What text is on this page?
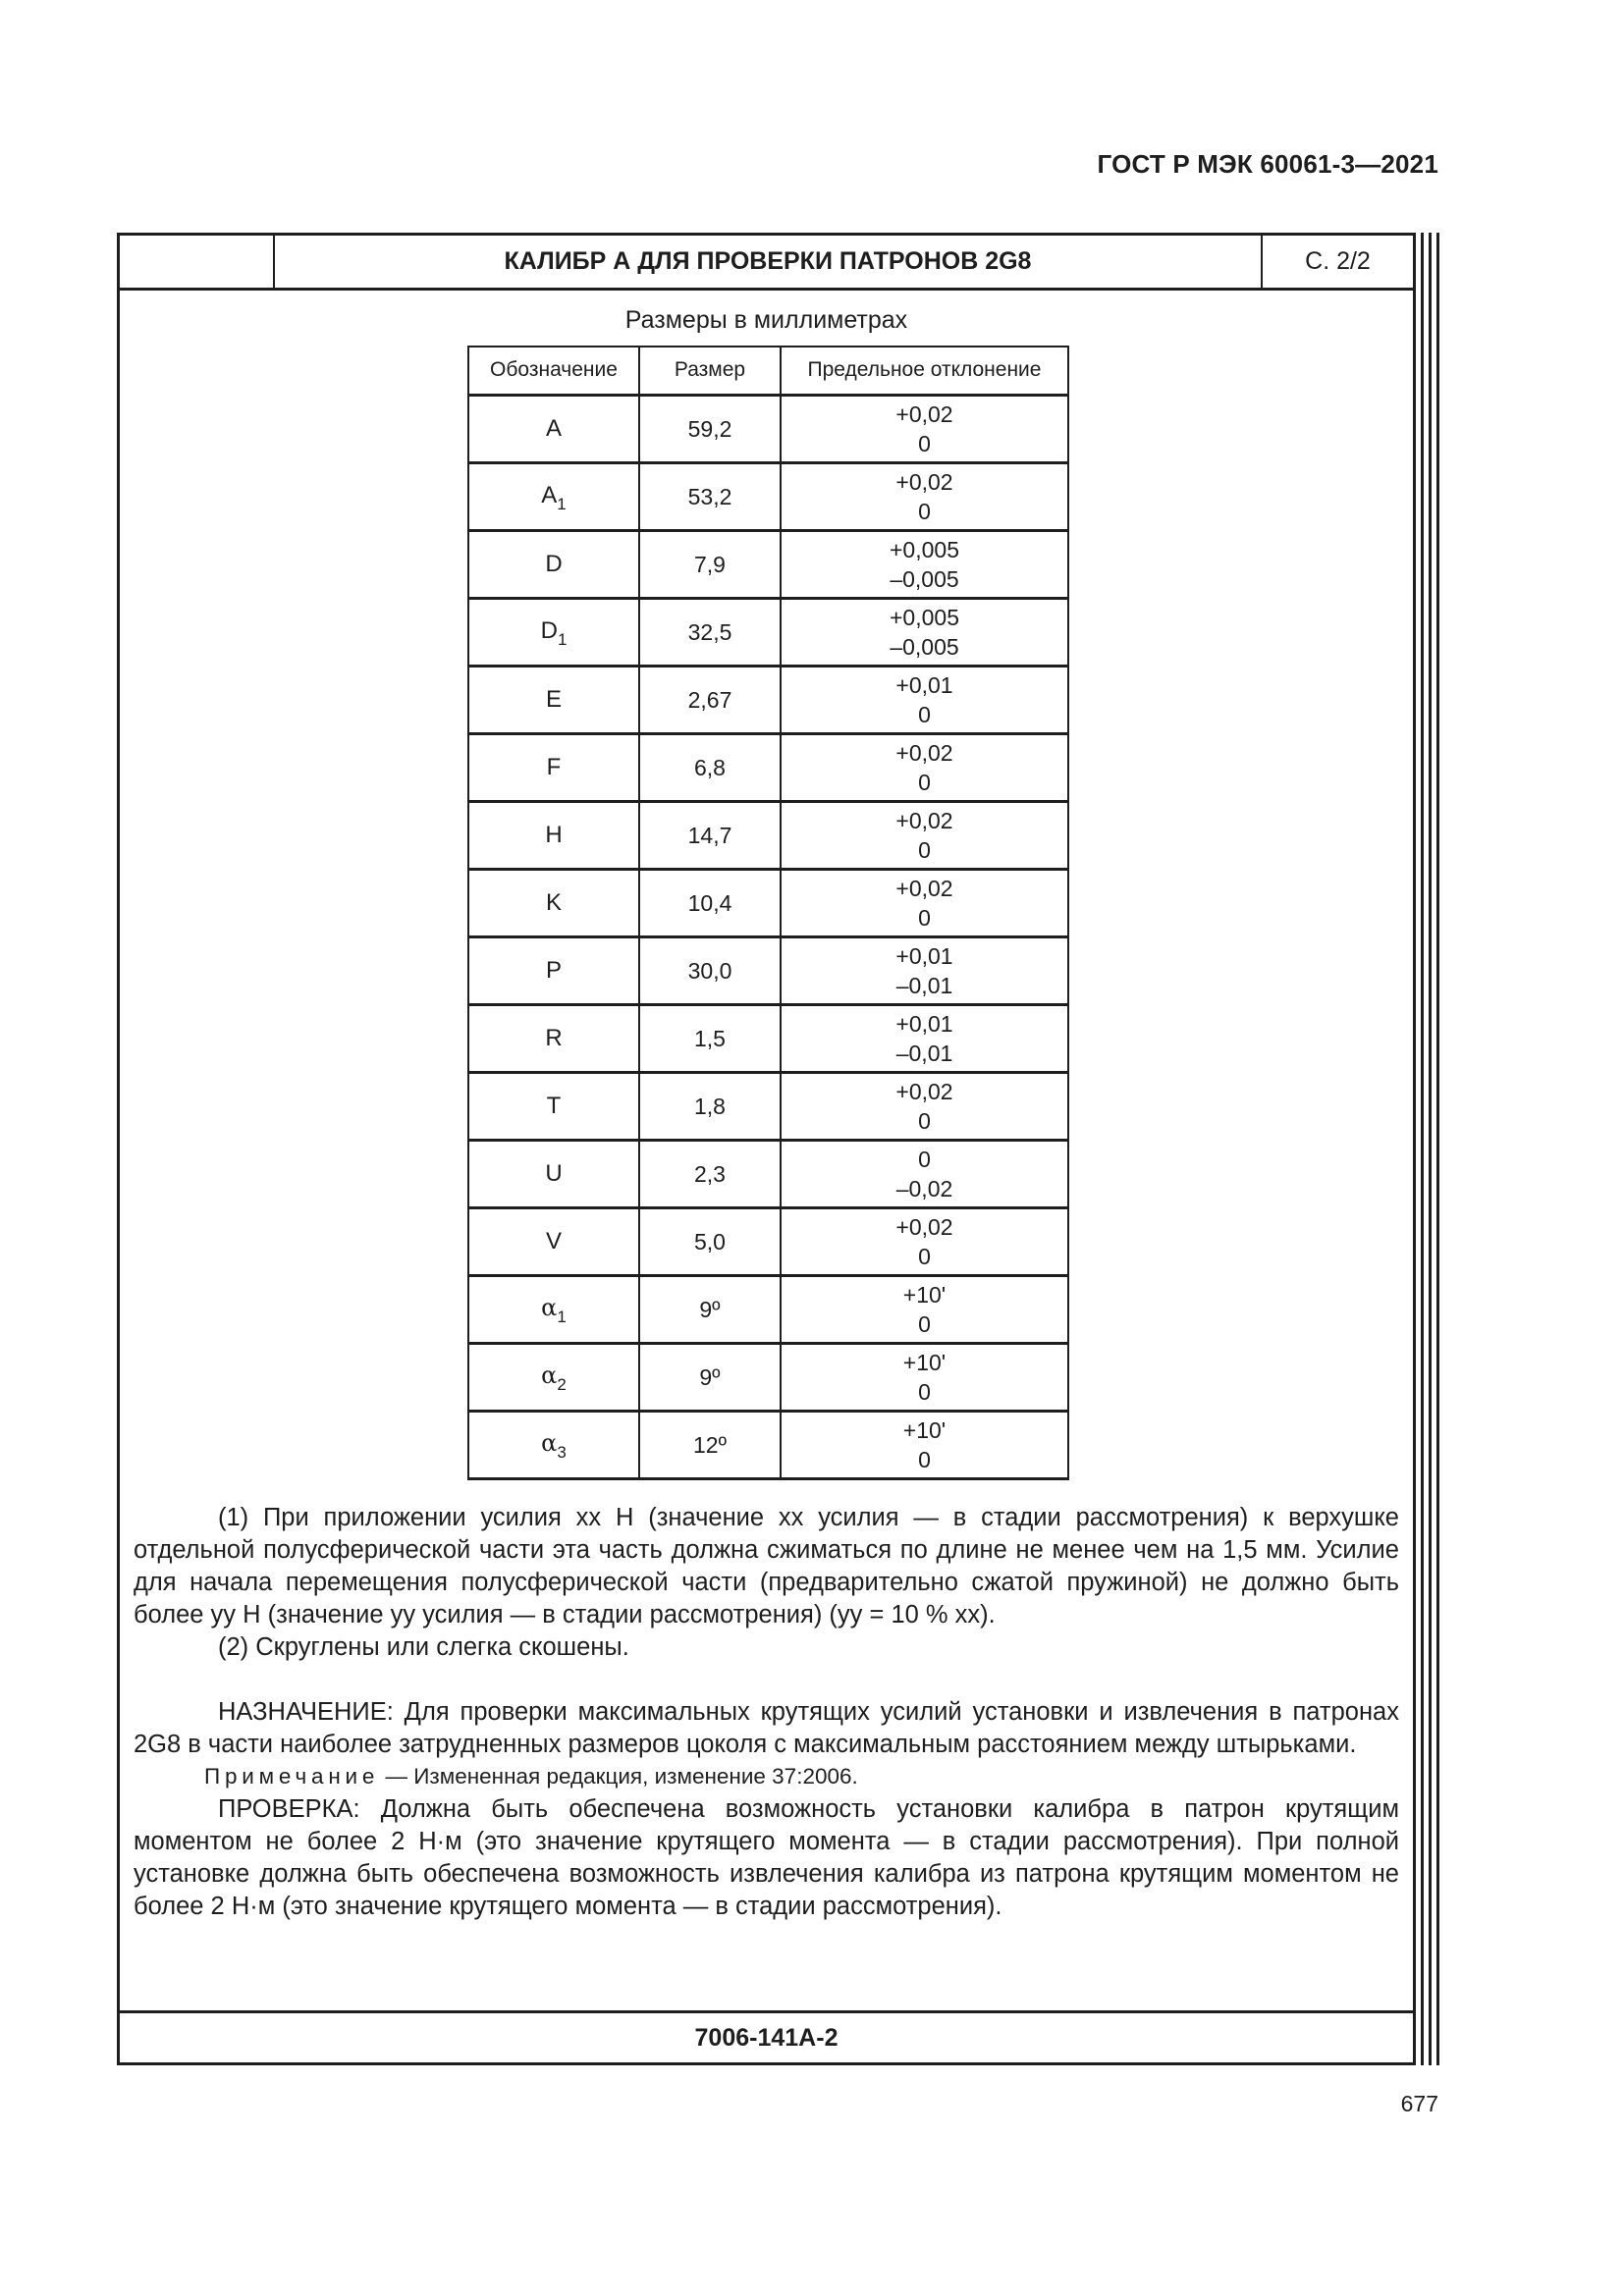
ГОСТ Р МЭК 60061-3—2021
КАЛИБР А ДЛЯ ПРОВЕРКИ ПАТРОНОВ 2G8	С. 2/2
Размеры в миллиметрах
Обозначение	Размер	Предельное отклонение
A	59,2	+0,02
0

$A_1$	53,2	+0,02
0

D	7,9	+0,005
–0,005

$D_1$	32,5	+0,005
–0,005

E	2,67	+0,01
0

F	6,8	+0,02
0

H	14,7	+0,02
0

K	10,4	+0,02
0

P	30,0	+0,01
–0,01

R	1,5	+0,01
–0,01

T	1,8	+0,02
0

U	2,3	0
–0,02

V	5,0	+0,02
0

$\alpha_1$	9º	+10'
0

$\alpha_2$	9º	+10'
0

$\alpha_3$	12º	+10'
0

(1) При приложении усилия хх Н (значение хх усилия — в стадии рассмотрения) к верхушке отдельной полусферической части эта часть должна сжиматься по длине не менее чем на 1,5 мм. Усилие для начала перемещения полусферической части (предварительно сжатой пружиной) не должно быть более уу Н (значение уу усилия — в стадии рассмотрения) (уу = 10 % хх).

(2) Скруглены или слегка скошены.

НАЗНАЧЕНИЕ: Для проверки максимальных крутящих усилий установки и извлечения в патронах 2G8 в части наиболее затрудненных размеров цоколя с максимальным расстоянием между штырьками.

ПРОВЕРКА: Должна быть обеспечена возможность установки калибра в патрон крутящим моментом не более 2 Н·м (это значение крутящего момента — в стадии рассмотрения). При полной установке должна быть обеспечена возможность извлечения калибра из патрона крутящим моментом не более 2 Н·м (это значение крутящего момента — в стадии рассмотрения).

Примечание — Измененная редакция, изменение 37:2006.
7006-141A-2
677
